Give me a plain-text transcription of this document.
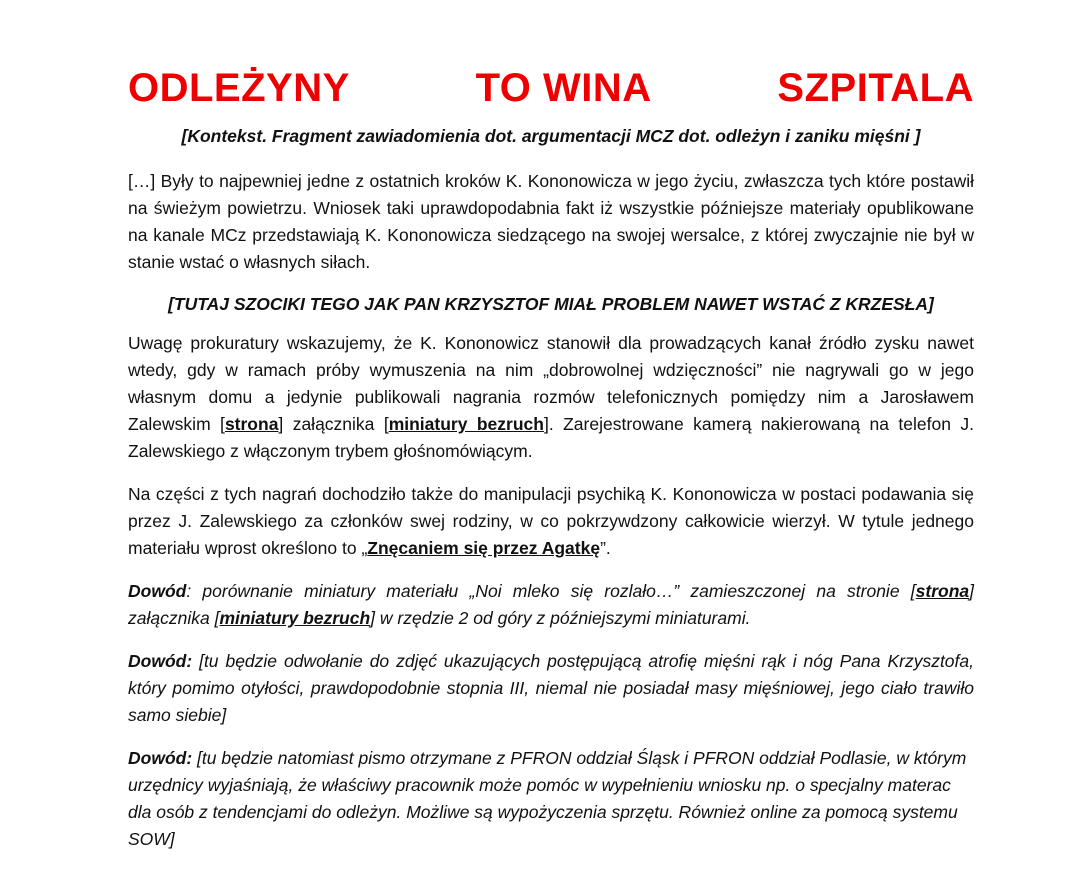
ODLEŻYNY	TO WINA	SZPITALA
[Kontekst. Fragment zawiadomienia dot. argumentacji MCZ dot. odleżyn i zaniku mięśni ]

[…] Były to najpewniej jedne z ostatnich kroków K. Kononowicza w jego życiu, zwłaszcza tych które postawił na świeżym powietrzu. Wniosek taki uprawdopodabnia fakt iż wszystkie późniejsze materiały opublikowane na kanale MCz przedstawiają K. Kononowicza siedzącego na swojej wersalce, z której zwyczajnie nie był w stanie wstać o własnych siłach.

[TUTAJ SZOCIKI TEGO JAK PAN KRZYSZTOF MIAŁ PROBLEM NAWET WSTAĆ Z KRZESŁA]

Uwagę prokuratury wskazujemy, że K. Kononowicz stanowił dla prowadzących kanał źródło zysku nawet wtedy, gdy w ramach próby wymuszenia na nim „dobrowolnej wdzięczności” nie nagrywali go w jego własnym domu a jedynie publikowali nagrania rozmów telefonicznych pomiędzy nim a Jarosławem Zalewskim [strona] załącznika [miniatury bezruch]. Zarejestrowane kamerą nakierowaną na telefon J. Zalewskiego z włączonym trybem głośnomówiącym.

Na części z tych nagrań dochodziło także do manipulacji psychiką K. Kononowicza w postaci podawania się przez J. Zalewskiego za członków swej rodziny, w co pokrzywdzony całkowicie wierzył. W tytule jednego materiału wprost określono to „Znęcaniem się przez Agatkę”.

Dowód: porównanie miniatury materiału „Noi mleko się rozlało…” zamieszczonej na stronie [strona] załącznika [miniatury bezruch] w rzędzie 2 od góry z późniejszymi miniaturami.

Dowód: [tu będzie odwołanie do zdjęć ukazujących postępującą atrofię mięśni rąk i nóg Pana Krzysztofa, który pomimo otyłości, prawdopodobnie stopnia III, niemal nie posiadał masy mięśniowej, jego ciało trawiło samo siebie]

Dowód: [tu będzie natomiast pismo otrzymane z PFRON oddział Śląsk i PFRON oddział Podlasie, w którym urzędnicy wyjaśniają, że właściwy pracownik może pomóc w wypełnieniu wniosku np. o specjalny materac dla osób z tendencjami do odleżyn. Możliwe są wypożyczenia sprzętu. Również online za pomocą systemu SOW]
